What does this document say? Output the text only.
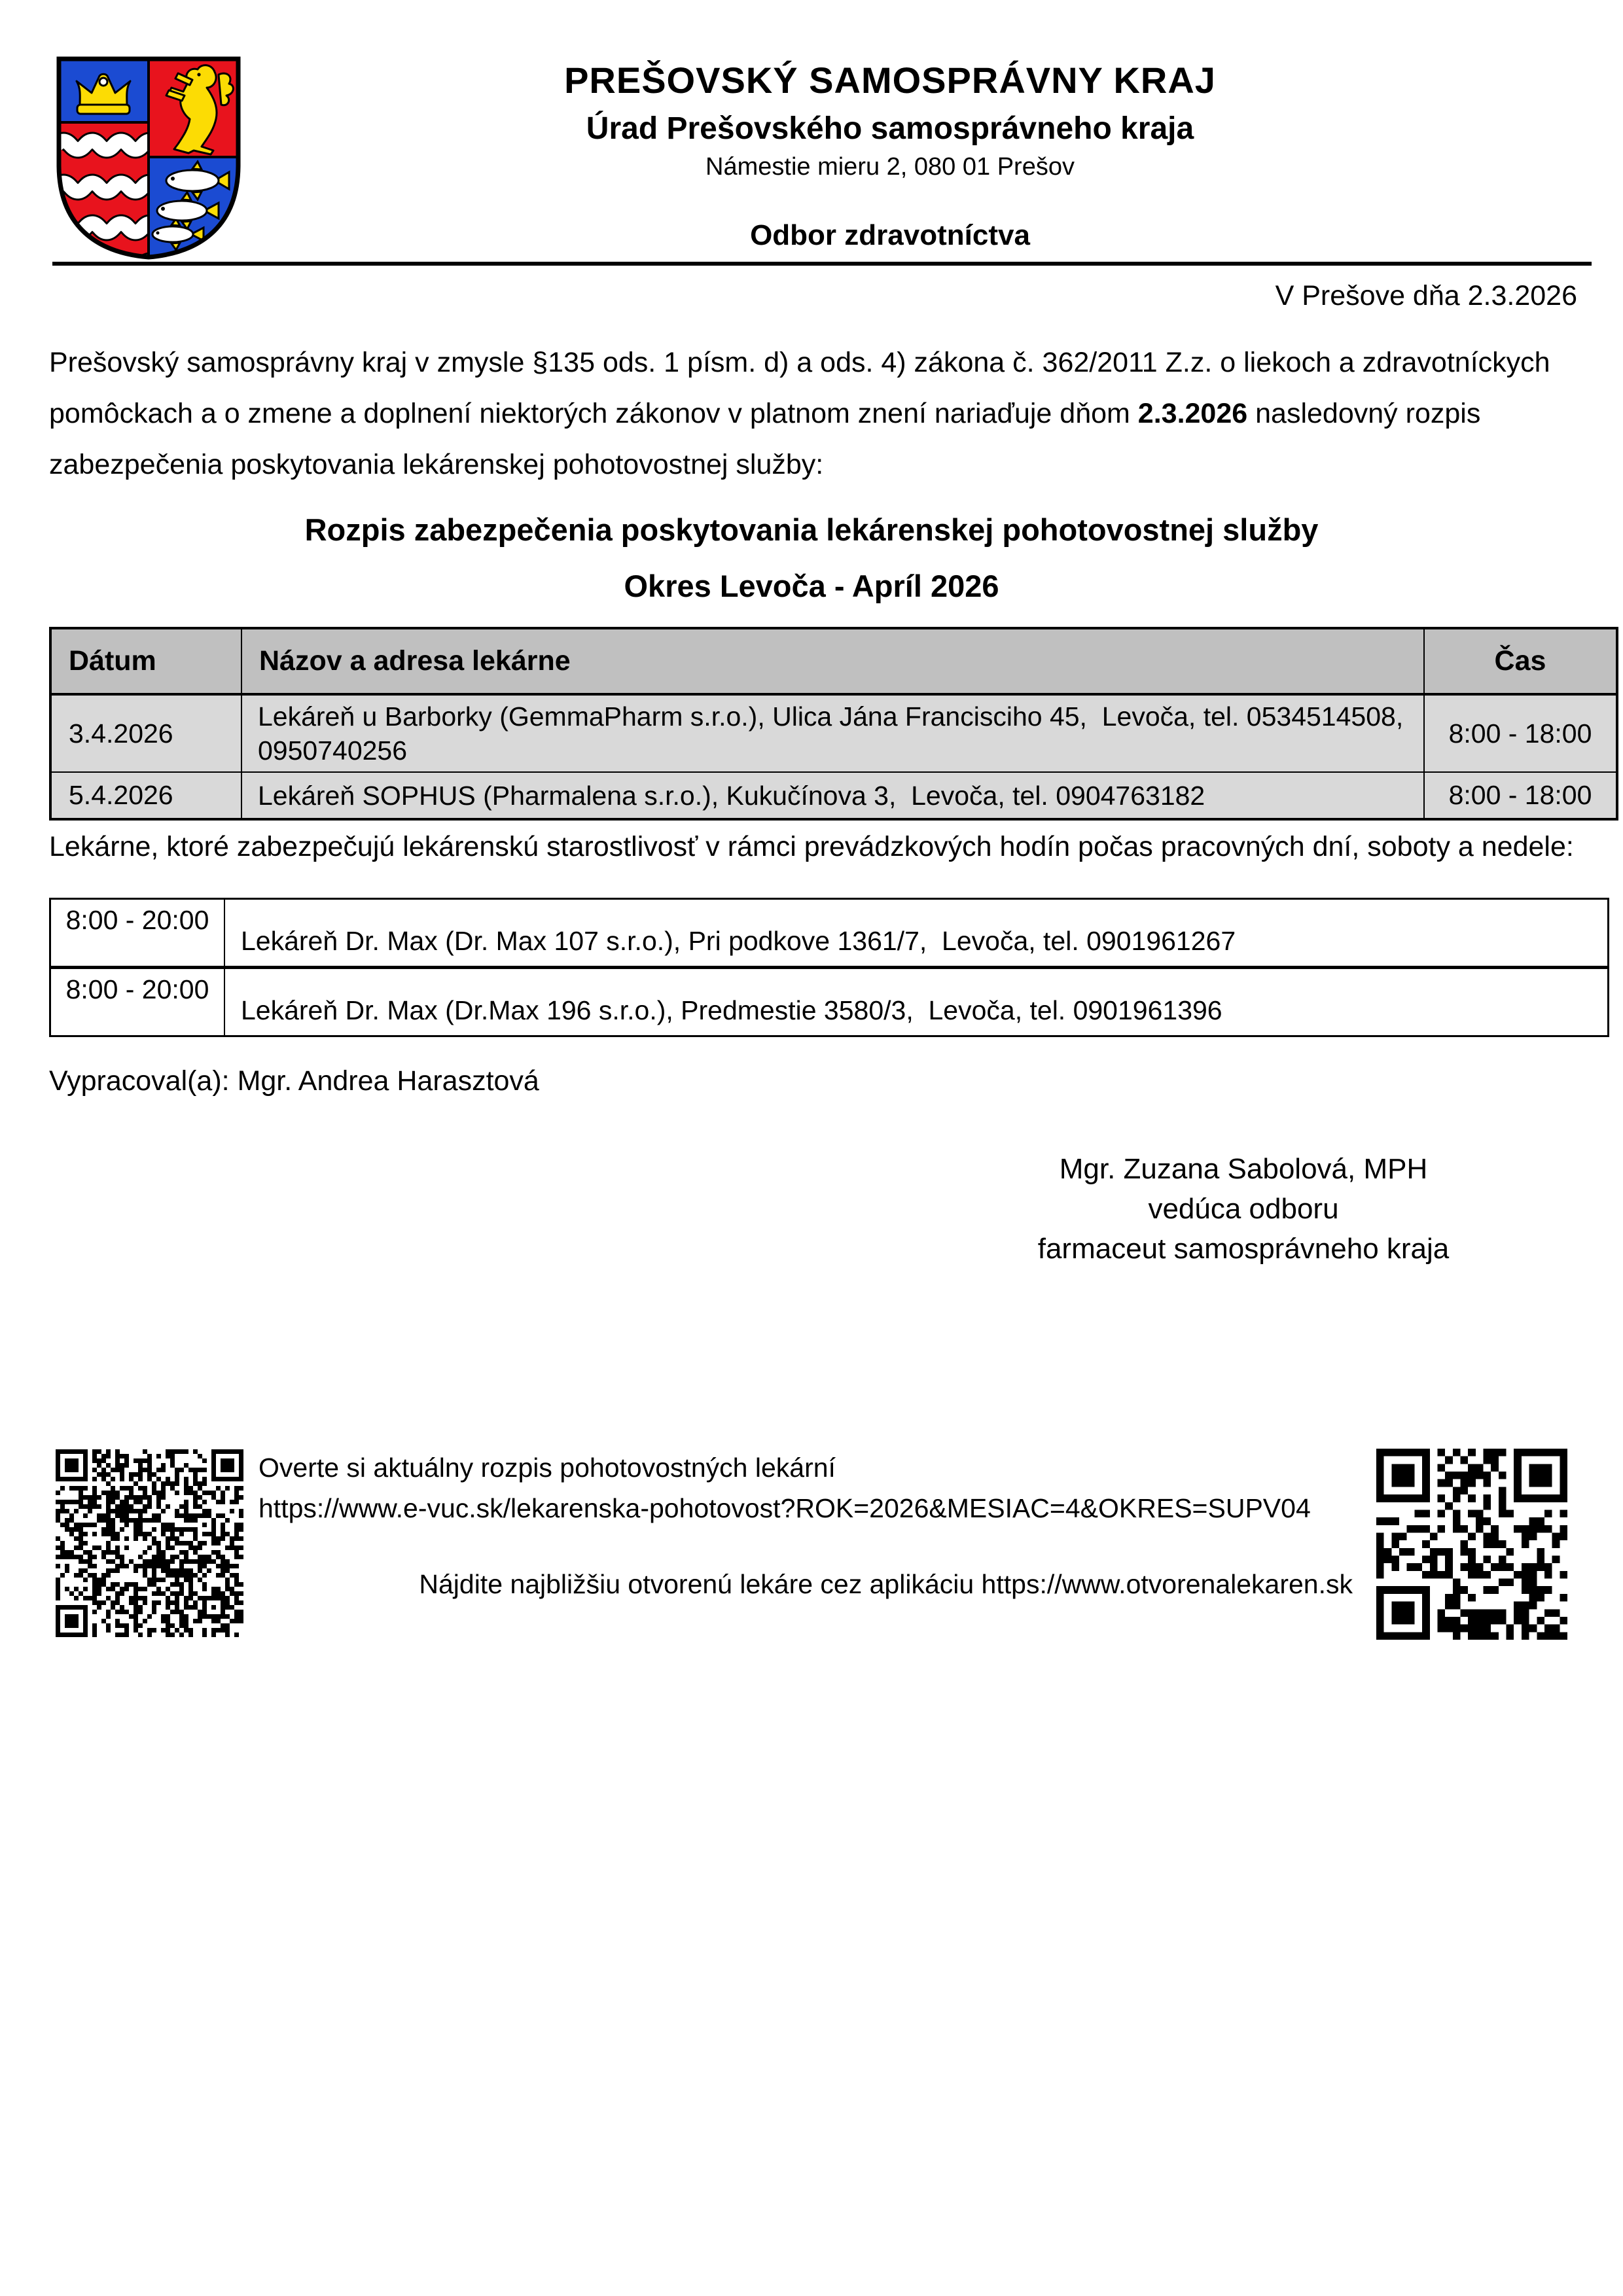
PREŠOVSKÝ SAMOSPRÁVNY KRAJ

Úrad Prešovského samosprávneho kraja

Námestie mieru 2, 080 01 Prešov

Odbor zdravotníctva

V Prešove dňa 2.3.2026
Prešovský samosprávny kraj v zmysle §135 ods. 1 písm. d) a ods. 4) zákona č. 362/2011 Z.z. o liekoch a zdravotníckych pomôckach a o zmene a doplnení niektorých zákonov v platnom znení nariaďuje dňom 2.3.2026 nasledovný rozpis zabezpečenia poskytovania lekárenskej pohotovostnej služby:
Rozpis zabezpečenia poskytovania lekárenskej pohotovostnej služby
Okres Levoča - Apríl 2026
Dátum	Názov a adresa lekárne	Čas
3.4.2026	Lekáreň u Barborky (GemmaPharm s.r.o.), Ulica Jána Francisciho 45,  Levoča, tel. 0534514508, 0950740256	8:00 - 18:00
5.4.2026	Lekáreň SOPHUS (Pharmalena s.r.o.), Kukučínova 3,  Levoča, tel. 0904763182	8:00 - 18:00
Lekárne, ktoré zabezpečujú lekárenskú starostlivosť v rámci prevádzkových hodín počas pracovných dní, soboty a nedele:
8:00 - 20:00	Lekáreň Dr. Max (Dr. Max 107 s.r.o.), Pri podkove 1361/7,  Levoča, tel. 0901961267
8:00 - 20:00	Lekáreň Dr. Max (Dr.Max 196 s.r.o.), Predmestie 3580/3,  Levoča, tel. 0901961396
Vypracoval(a): Mgr. Andrea Harasztová
Mgr. Zuzana Sabolová, MPH
vedúca odboru
farmaceut samosprávneho kraja
Overte si aktuálny rozpis pohotovostných lekární
https://www.e-vuc.sk/lekarenska-pohotovost?ROK=2026&MESIAC=4&OKRES=SUPV04
Nájdite najbližšiu otvorenú lekáre cez aplikáciu https://www.otvorenalekaren.sk
